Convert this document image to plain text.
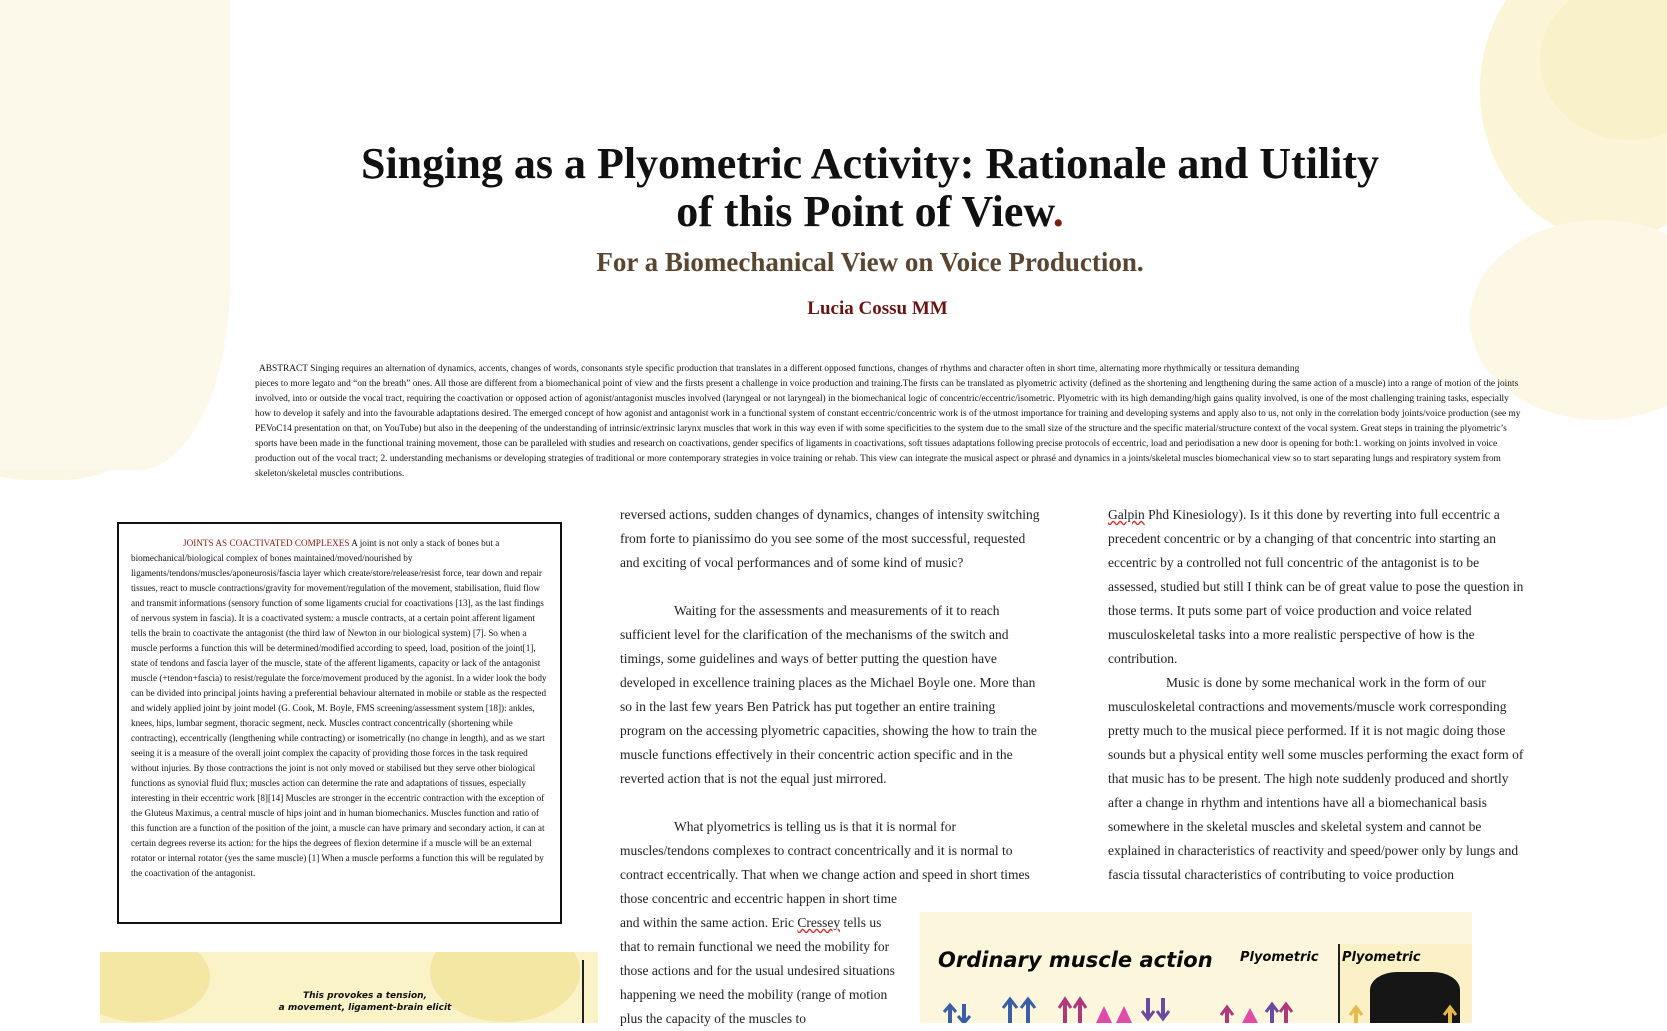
Singing as a Plyometric Activity: Rationale and Utility of this Point of View.
For a Biomechanical View on Voice Production.
Lucia Cossu MM
ABSTRACT Singing requires an alternation of dynamics, accents, changes of words, consonants style specific production that translates in a different opposed functions, changes of rhythms and character often in short time, alternating more rhythmically or tessitura demanding
pieces to more legato and “on the breath” ones. All those are different from a biomechanical point of view and the firsts present a challenge in voice production and training.The firsts can be translated as plyometric activity (defined as the shortening and lengthening during the same action of a muscle) into a range of motion of the joints involved, into or outside the vocal tract, requiring the coactivation or opposed action of agonist/antagonist muscles involved (laryngeal or not laryngeal) in the biomechanical logic of concentric/eccentric/isometric. Plyometric with its high demanding/high gains quality involved, is one of the most challenging training tasks, especially how to develop it safely and into the favourable adaptations desired. The emerged concept of how agonist and antagonist work in a functional system of constant eccentric/concentric work is of the utmost importance for training and developing systems and apply also to us, not only in the correlation body joints/voice production (see my PEVoC14 presentation on that, on YouTube) but also in the deepening of the understanding of intrinsic/extrinsic larynx muscles that work in this way even if with some specificities to the system due to the small size of the structure and the specific material/structure context of the vocal system. Great steps in training the plyometric’s sports have been made in the functional training movement, those can be paralleled with studies and research on coactivations, gender specifics of ligaments in coactivations, soft tissues adaptations following precise protocols of eccentric, load and periodisation a new door is opening for both:1. working on joints involved in voice production out of the vocal tract; 2. understanding mechanisms or developing strategies of traditional or more contemporary strategies in voice training or rehab. This view can integrate the musical aspect or phrasé and dynamics in a joints/skeletal muscles biomechanical view so to start separating lungs and respiratory system from skeleton/skeletal muscles contributions.
JOINTS AS COACTIVATED COMPLEXES A joint is not only a stack of bones but a biomechanical/biological complex of bones maintained/moved/nourished by ligaments/tendons/muscles/aponeurosis/fascia layer which create/store/release/resist force, tear down and repair tissues, react to muscle contractions/gravity for movement/regulation of the movement, stabilisation, fluid flow and transmit informations (sensory function of some ligaments crucial for coactivations [13], as the last findings of nervous system in fascia). It is a coactivated system: a muscle contracts, at a certain point afferent ligament tells the brain to coactivate the antagonist (the third law of Newton in our biological system) [7]. So when a muscle performs a function this will be determined/modified according to speed, load, position of the joint[1], state of tendons and fascia layer of the muscle, state of the afferent ligaments, capacity or lack of the antagonist muscle (+tendon+fascia) to resist/regulate the force/movement produced by the agonist. In a wider look the body can be divided into principal joints having a preferential behaviour alternated in mobile or stable as the respected and widely applied joint by joint model (G. Cook, M. Boyle, FMS screening/assessment system [18]): ankles, knees, hips, lumbar segment, thoracic segment, neck. Muscles contract concentrically (shortening while contracting), eccentrically (lengthening while contracting) or isometrically (no change in length), and as we start seeing it is a measure of the overall joint complex the capacity of providing those forces in the task required without injuries. By those contractions the joint is not only moved or stabilised but they serve other biological functions as synovial fluid flux; muscles action can determine the rate and adaptations of tissues, especially interesting in their eccentric work [8][14] Muscles are stronger in the eccentric contraction with the exception of the Gluteus Maximus, a central muscle of hips joint and in human biomechanics. Muscles function and ratio of this function are a function of the position of the joint, a muscle can have primary and secondary action, it can at certain degrees reverse its action: for the hips the degrees of flexion determine if a muscle will be an external rotator or internal rotator (yes the same muscle) [1] When a muscle performs a function this will be regulated by the coactivation of the antagonist.

reversed actions, sudden changes of dynamics, changes of intensity switching from forte to pianissimo do you see some of the most successful, requested and exciting of vocal performances and of some kind of music?

Waiting for the assessments and measurements of it to reach sufficient level for the clarification of the mechanisms of the switch and timings, some guidelines and ways of better putting the question have developed in excellence training places as the Michael Boyle one. More than so in the last few years Ben Patrick has put together an entire training program on the accessing plyometric capacities, showing the how to train the muscle functions effectively in their concentric action specific and in the reverted action that is not the equal just mirrored.

What plyometrics is telling us is that it is normal for muscles/tendons complexes to contract concentrically and it is normal to contract eccentrically. That when we change action and speed in short times those concentric and eccentric happen in short time

and within the same action. Eric Cressey tells us that to remain functional we need the mobility for those actions and for the usual undesired situations happening we need the mobility (range of motion plus the capacity of the muscles to

Galpin Phd Kinesiology). Is it this done by reverting into full eccentric a precedent concentric or by a changing of that concentric into starting an eccentric by a controlled not full concentric of the antagonist is to be assessed, studied but still I think can be of great value to pose the question in those terms. It puts some part of voice production and voice related musculoskeletal tasks into a more realistic perspective of how is the contribution.

Music is done by some mechanical work in the form of our musculoskeletal contractions and movements/muscle work corresponding pretty much to the musical piece performed. If it is not magic doing those sounds but a physical entity well some muscles performing the exact form of that music has to be present. The high note suddenly produced and shortly after a change in rhythm and intentions have all a biomechanical basis somewhere in the skeletal muscles and skeletal system and cannot be explained in characteristics of reactivity and speed/power only by lungs and fascia tissutal characteristics of contributing to voice production

This provokes a tension,
a movement, ligament-brain elicit
Ordinary muscle action Plyometric Plyometric
